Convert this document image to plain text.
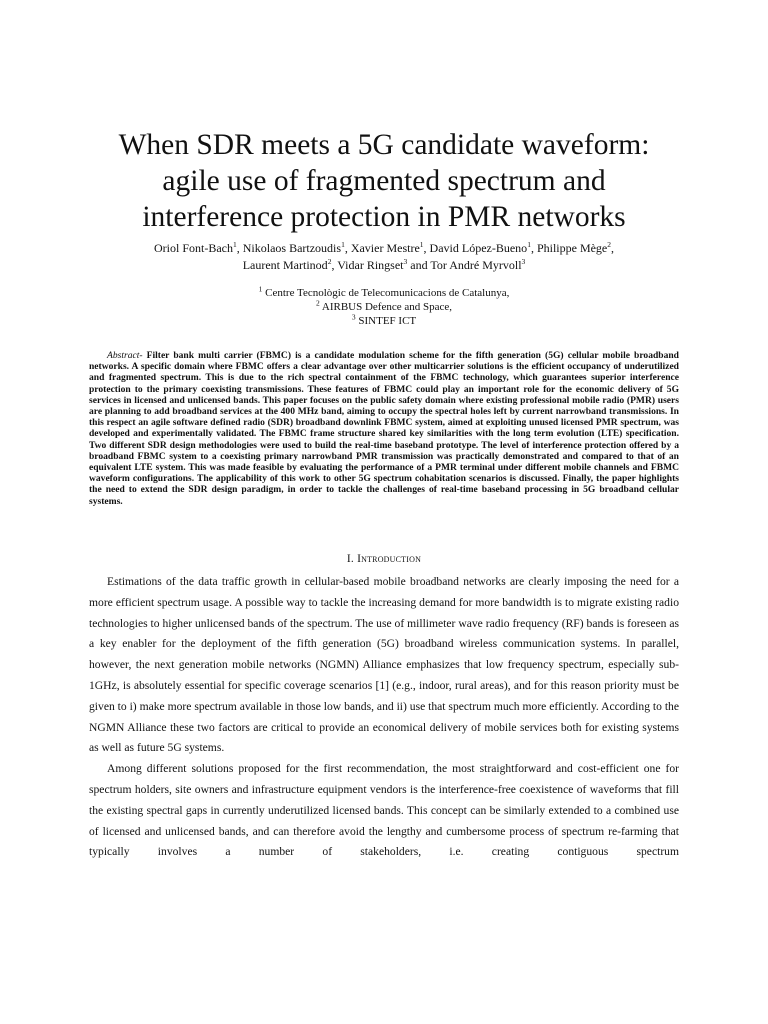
When SDR meets a 5G candidate waveform:
agile use of fragmented spectrum and
interference protection in PMR networks
Oriol Font-Bach$^1$, Nikolaos Bartzoudis$^1$, Xavier Mestre$^1$, David López-Bueno$^1$, Philippe Mège$^2$,
Laurent Martinod$^2$, Vidar Ringset$^3$ and Tor André Myrvoll$^3$
$^1$ Centre Tecnològic de Telecomunicacions de Catalunya,
$^2$ AIRBUS Defence and Space,
$^3$ SINTEF ICT

Abstract- Filter bank multi carrier (FBMC) is a candidate modulation scheme for the fifth generation (5G) cellular mobile broadband networks. A specific domain where FBMC offers a clear advantage over other multicarrier solutions is the efficient occupancy of underutilized and fragmented spectrum. This is due to the rich spectral containment of the FBMC technology, which guarantees superior interference protection to the primary coexisting transmissions. These features of FBMC could play an important role for the economic delivery of 5G services in licensed and unlicensed bands. This paper focuses on the public safety domain where existing professional mobile radio (PMR) users are planning to add broadband services at the 400 MHz band, aiming to occupy the spectral holes left by current narrowband transmissions. In this respect an agile software defined radio (SDR) broadband downlink FBMC system, aimed at exploiting unused licensed PMR spectrum, was developed and experimentally validated. The FBMC frame structure shared key similarities with the long term evolution (LTE) specification. Two different SDR design methodologies were used to build the real-time baseband prototype. The level of interference protection offered by a broadband FBMC system to a coexisting primary narrowband PMR transmission was practically demonstrated and compared to that of an equivalent LTE system. This was made feasible by evaluating the performance of a PMR terminal under different mobile channels and FBMC waveform configurations. The applicability of this work to other 5G spectrum cohabitation scenarios is discussed. Finally, the paper highlights the need to extend the SDR design paradigm, in order to tackle the challenges of real-time baseband processing in 5G broadband cellular systems.

I. Introduction

Estimations of the data traffic growth in cellular-based mobile broadband networks are clearly imposing the need for a more efficient spectrum usage. A possible way to tackle the increasing demand for more bandwidth is to migrate existing radio technologies to higher unlicensed bands of the spectrum. The use of millimeter wave radio frequency (RF) bands is foreseen as a key enabler for the deployment of the fifth generation (5G) broadband wireless communication systems. In parallel, however, the next generation mobile networks (NGMN) Alliance emphasizes that low frequency spectrum, especially sub-1GHz, is absolutely essential for specific coverage scenarios [1] (e.g., indoor, rural areas), and for this reason priority must be given to i) make more spectrum available in those low bands, and ii) use that spectrum much more efficiently. According to the NGMN Alliance these two factors are critical to provide an economical delivery of mobile services both for existing systems as well as future 5G systems.

Among different solutions proposed for the first recommendation, the most straightforward and cost-efficient one for spectrum holders, site owners and infrastructure equipment vendors is the interference-free coexistence of waveforms that fill the existing spectral gaps in currently underutilized licensed bands. This concept can be similarly extended to a combined use of licensed and unlicensed bands, and can therefore avoid the lengthy and cumbersome process of spectrum re-farming that typically involves a number of stakeholders, i.e. creating contiguous spectrum
